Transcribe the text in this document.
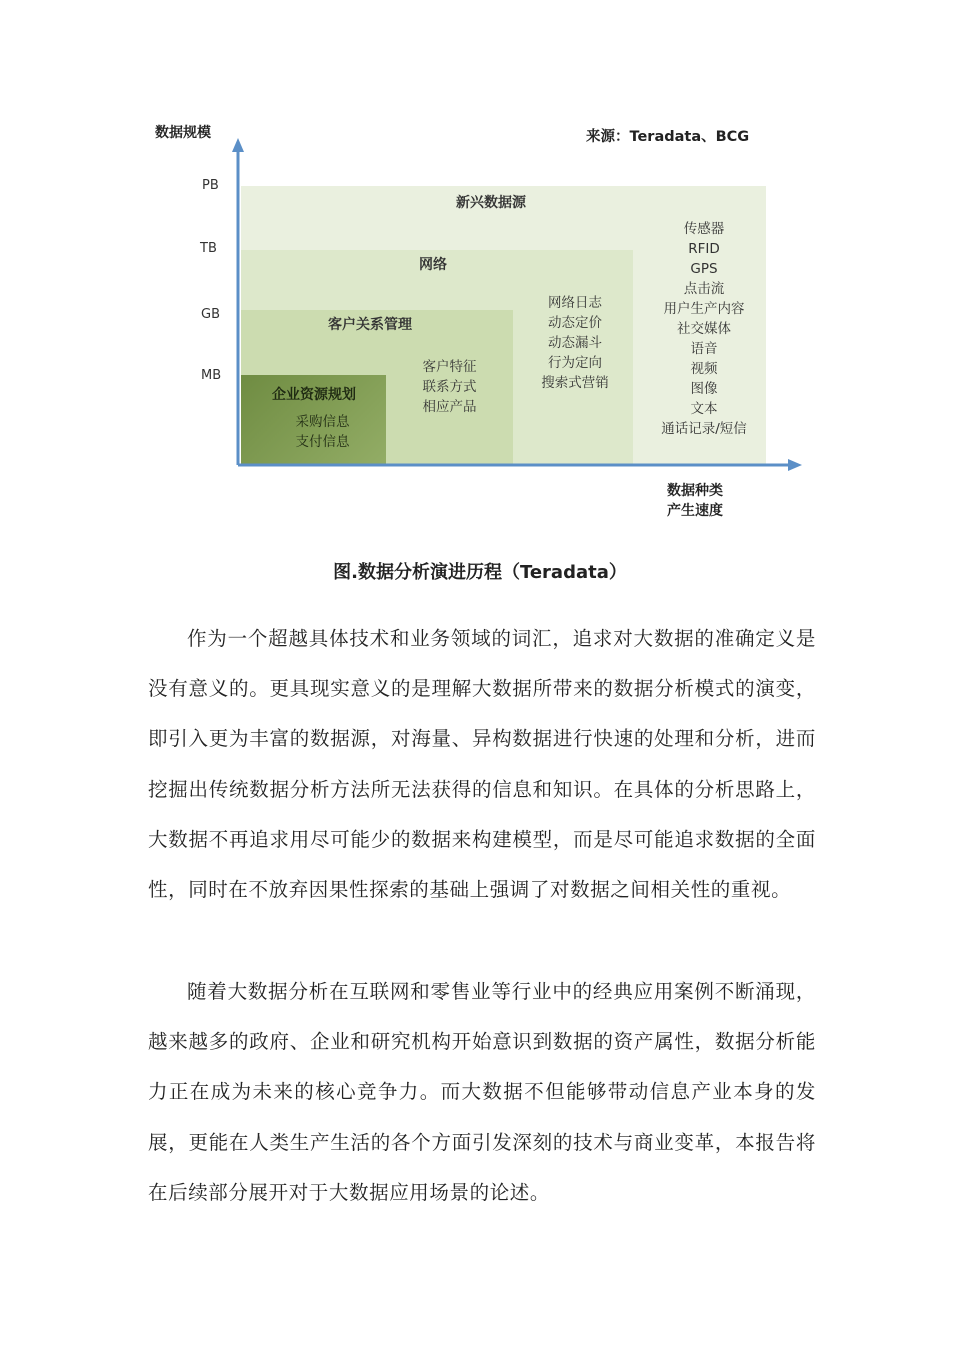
数据规模	来源：Teradata、BCG
数据种类
产生速度
PB
TB
GB
MB
新兴数据源
网络
客户关系管理
企业资源规划
传感器
RFID
GPS
点击流
用户生产内容
社交媒体
语音
视频
图像
文本
通话记录/短信
网络日志
动态定价
动态漏斗
行为定向
搜索式营销
客户特征
联系方式
相应产品
采购信息
支付信息
图.数据分析演进历程（Teradata）

作为一个超越具体技术和业务领域的词汇，追求对大数据的准确定义是没有意义的。更具现实意义的是理解大数据所带来的数据分析模式的演变，即引入更为丰富的数据源，对海量、异构数据进行快速的处理和分析，进而挖掘出传统数据分析方法所无法获得的信息和知识。在具体的分析思路上，大数据不再追求用尽可能少的数据来构建模型，而是尽可能追求数据的全面性，同时在不放弃因果性探索的基础上强调了对数据之间相关性的重视。

随着大数据分析在互联网和零售业等行业中的经典应用案例不断涌现，越来越多的政府、企业和研究机构开始意识到数据的资产属性，数据分析能力正在成为未来的核心竞争力。而大数据不但能够带动信息产业本身的发展，更能在人类生产生活的各个方面引发深刻的技术与商业变革，本报告将在后续部分展开对于大数据应用场景的论述。
